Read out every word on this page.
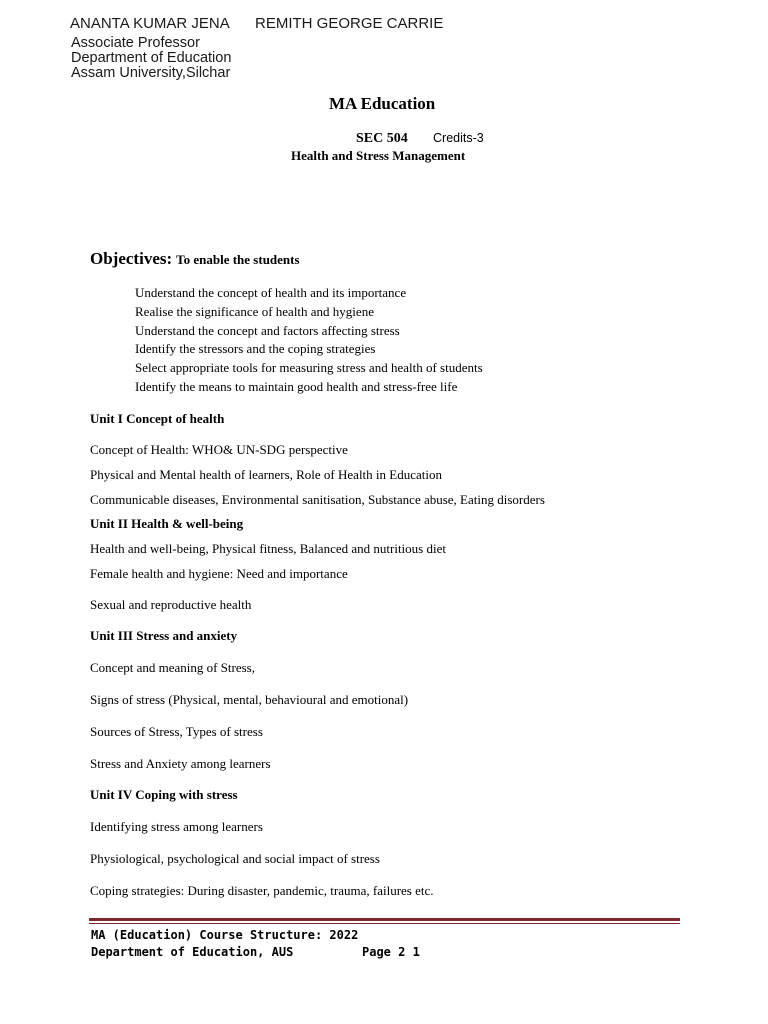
ANANTA KUMAR JENA REMITH GEORGE CARRIE
Associate Professor
Department of Education
Assam University,Silchar
MA Education
SEC 504 Credits-3
Health and Stress Management
Objectives: To enable the students
Understand the concept of health and its importance
Realise the significance of health and hygiene
Understand the concept and factors affecting stress
Identify the stressors and the coping strategies
Select appropriate tools for measuring stress and health of students
Identify the means to maintain good health and stress-free life
Unit I Concept of health
Concept of Health: WHO& UN-SDG perspective
Physical and Mental health of learners, Role of Health in Education
Communicable diseases, Environmental sanitisation, Substance abuse, Eating disorders
Unit II Health & well-being
Health and well-being, Physical fitness, Balanced and nutritious diet
Female health and hygiene: Need and importance
Sexual and reproductive health
Unit III Stress and anxiety
Concept and meaning of Stress,
Signs of stress (Physical, mental, behavioural and emotional)
Sources of Stress, Types of stress
Stress and Anxiety among learners
Unit IV Coping with stress
Identifying stress among learners
Physiological, psychological and social impact of stress
Coping strategies: During disaster, pandemic, trauma, failures etc.
MA (Education) Course Structure: 2022
Department of Education, AUS	Page 2 1
